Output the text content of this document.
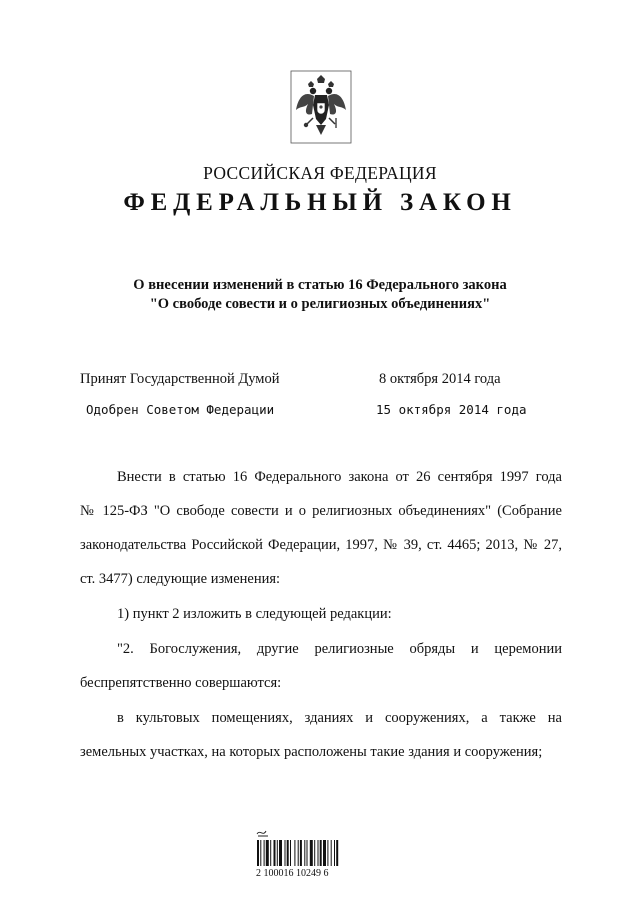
РОССИЙСКАЯ ФЕДЕРАЦИЯ
ФЕДЕРАЛЬНЫЙ ЗАКОН
О внесении изменений в статью 16 Федерального закона
"О свободе совести и о религиозных объединениях"
Принят Государственной Думой	8 октября 2014 года
Одобрен Советом Федерации	15 октября 2014 года
Внести в статью 16 Федерального закона от 26 сентября 1997 года
№ 125-ФЗ "О свободе совести и о религиозных объединениях" (Собрание
законодательства Российской Федерации, 1997, № 39, ст. 4465; 2013, № 27,
ст. 3477) следующие изменения:
1) пункт 2 изложить в следующей редакции:
"2. Богослужения, другие религиозные обряды и церемонии
беспрепятственно совершаются:
в культовых помещениях, зданиях и сооружениях, а также на
земельных участках, на которых расположены такие здания и сооружения;
2 100016 10249 6
